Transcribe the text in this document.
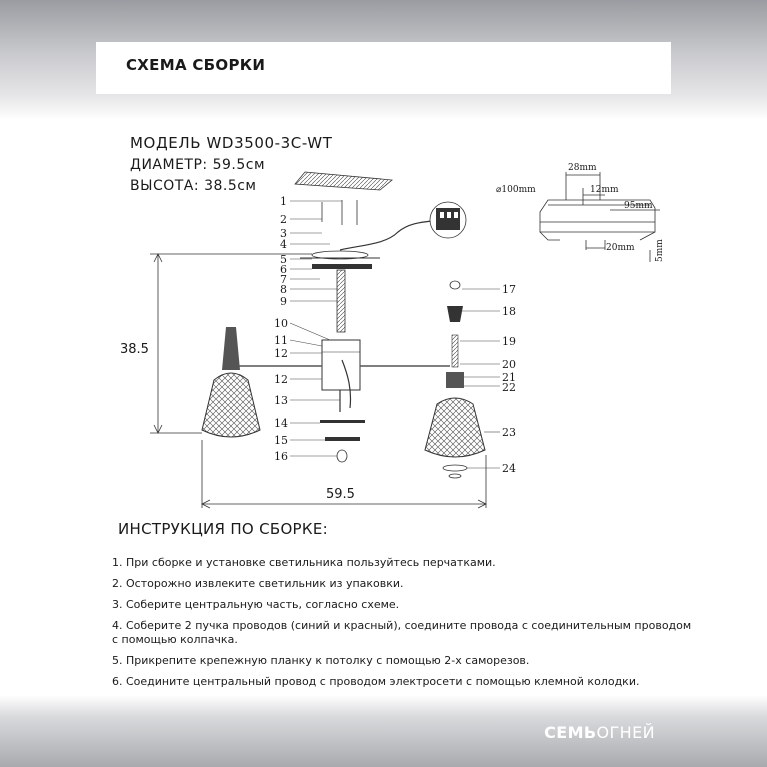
СХЕМА СБОРКИ
МОДЕЛЬ WD3500-3C-WT
ДИАМЕТР: 59.5см
ВЫСОТА: 38.5см
38.5
59.5
1
2
3
4
5
6
7
8
9
10
11
12
12
13
14
15
16
17
18
19
20
21
22
23
24
28mm
12mm
95mm
5mm
20mm
⌀100mm
ИНСТРУКЦИЯ ПО СБОРКЕ:
1. При сборке и установке светильника пользуйтесь перчатками.
2. Осторожно извлеките светильник из упаковки.
3. Соберите центральную часть, согласно схеме.
4. Соберите 2 пучка проводов (синий и красный), соедините провода с соединительным проводом с помощью колпачка.
5. Прикрепите крепежную планку к потолку с помощью 2-х саморезов.
6. Соедините центральный провод с проводом электросети с помощью клемной колодки.
СЕМЬОГНЕЙ
